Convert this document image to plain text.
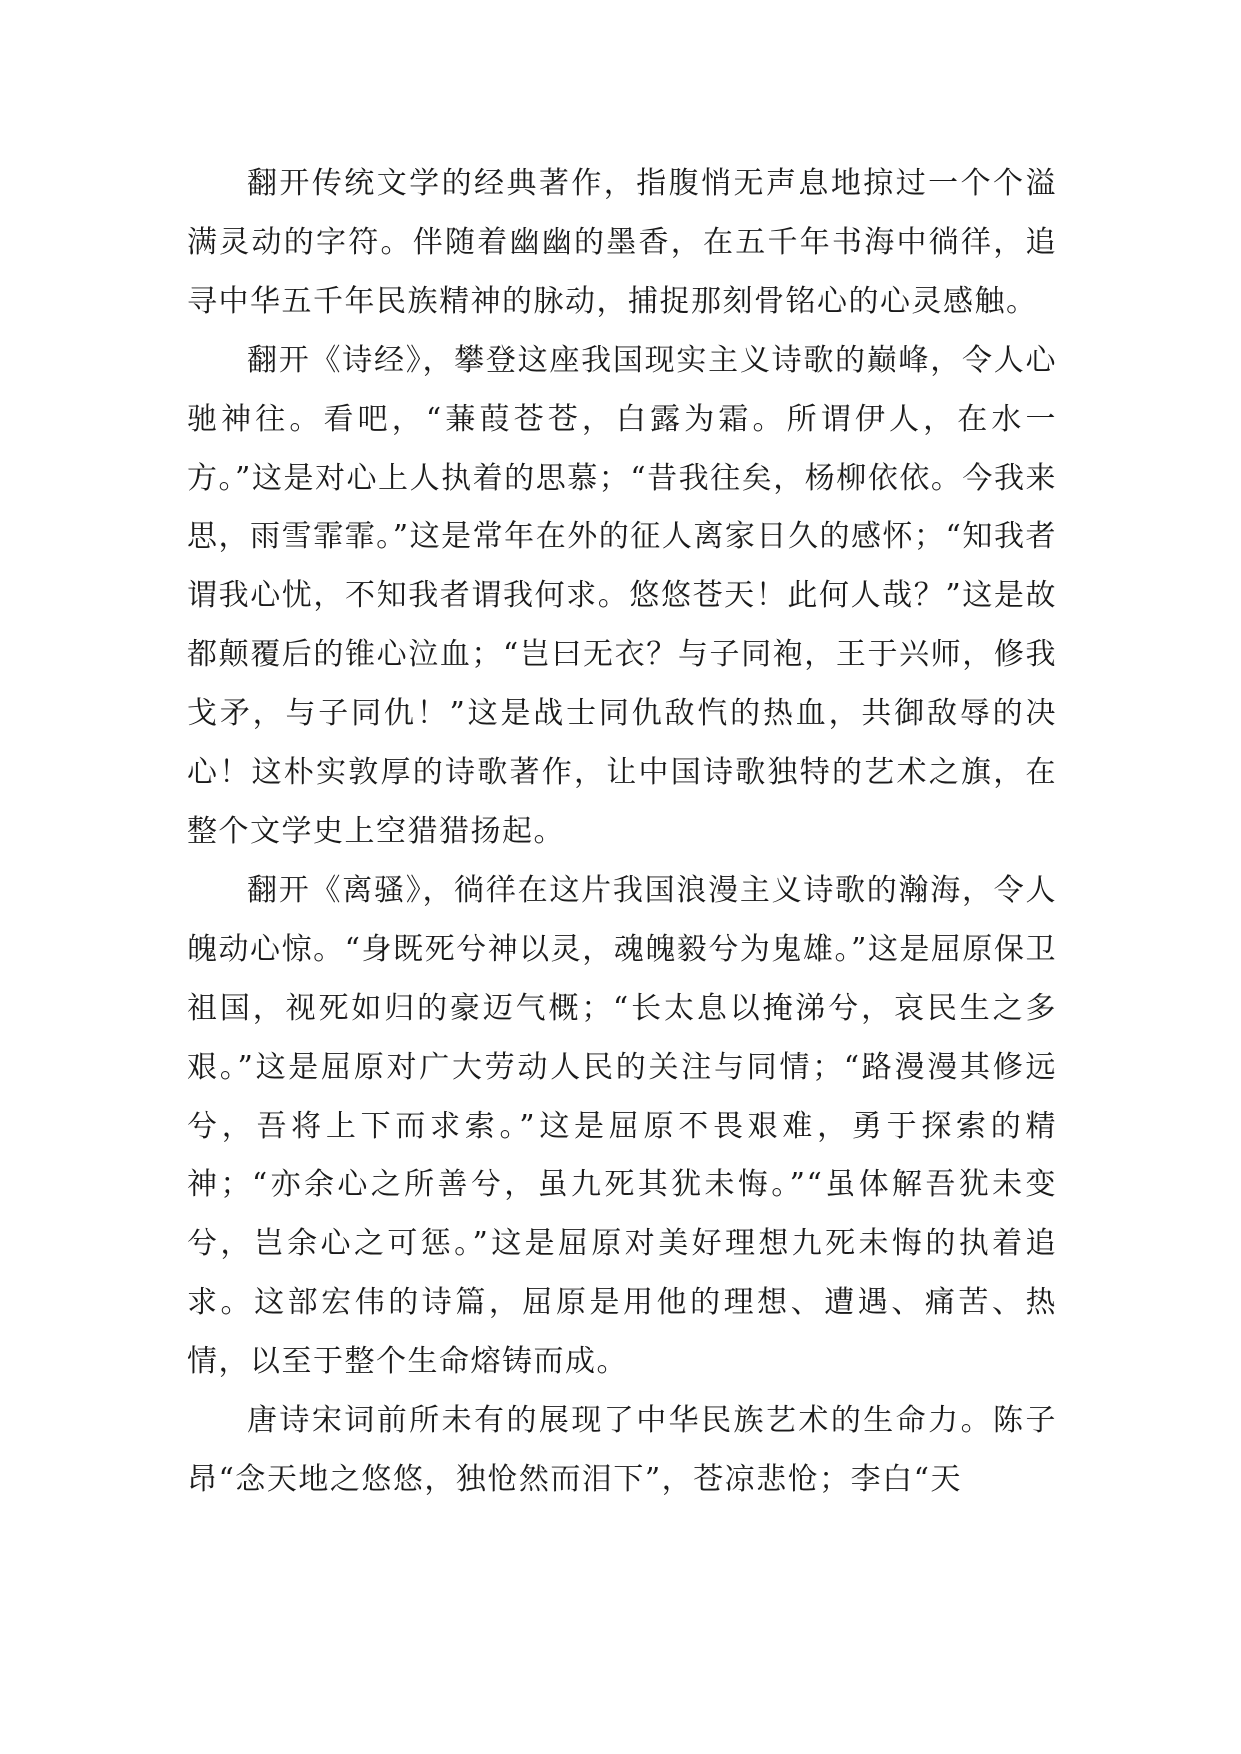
翻开传统文学的经典著作，指腹悄无声息地掠过一个个溢满灵动的字符。伴随着幽幽的墨香，在五千年书海中徜徉，追寻中华五千年民族精神的脉动，捕捉那刻骨铭心的心灵感触。

翻开《诗经》，攀登这座我国现实主义诗歌的巅峰，令人心驰神往。看吧，“蒹葭苍苍，白露为霜。所谓伊人，在水一方。”这是对心上人执着的思慕；“昔我往矣，杨柳依依。今我来思，雨雪霏霏。”这是常年在外的征人离家日久的感怀；“知我者谓我心忧，不知我者谓我何求。悠悠苍天！此何人哉？”这是故都颠覆后的锥心泣血；“岂曰无衣？与子同袍，王于兴师，修我戈矛，与子同仇！”这是战士同仇敌忾的热血，共御敌辱的决心！这朴实敦厚的诗歌著作，让中国诗歌独特的艺术之旗，在整个文学史上空猎猎扬起。

翻开《离骚》，徜徉在这片我国浪漫主义诗歌的瀚海，令人魄动心惊。“身既死兮神以灵，魂魄毅兮为鬼雄。”这是屈原保卫祖国，视死如归的豪迈气概；“长太息以掩涕兮，哀民生之多艰。”这是屈原对广大劳动人民的关注与同情；“路漫漫其修远兮，吾将上下而求索。”这是屈原不畏艰难，勇于探索的精神；“亦余心之所善兮，虽九死其犹未悔。”“虽体解吾犹未变兮，岂余心之可惩。”这是屈原对美好理想九死未悔的执着追求。这部宏伟的诗篇，屈原是用他的理想、遭遇、痛苦、热情，以至于整个生命熔铸而成。

唐诗宋词前所未有的展现了中华民族艺术的生命力。陈子昂“念天地之悠悠，独怆然而泪下”，苍凉悲怆；李白“天
